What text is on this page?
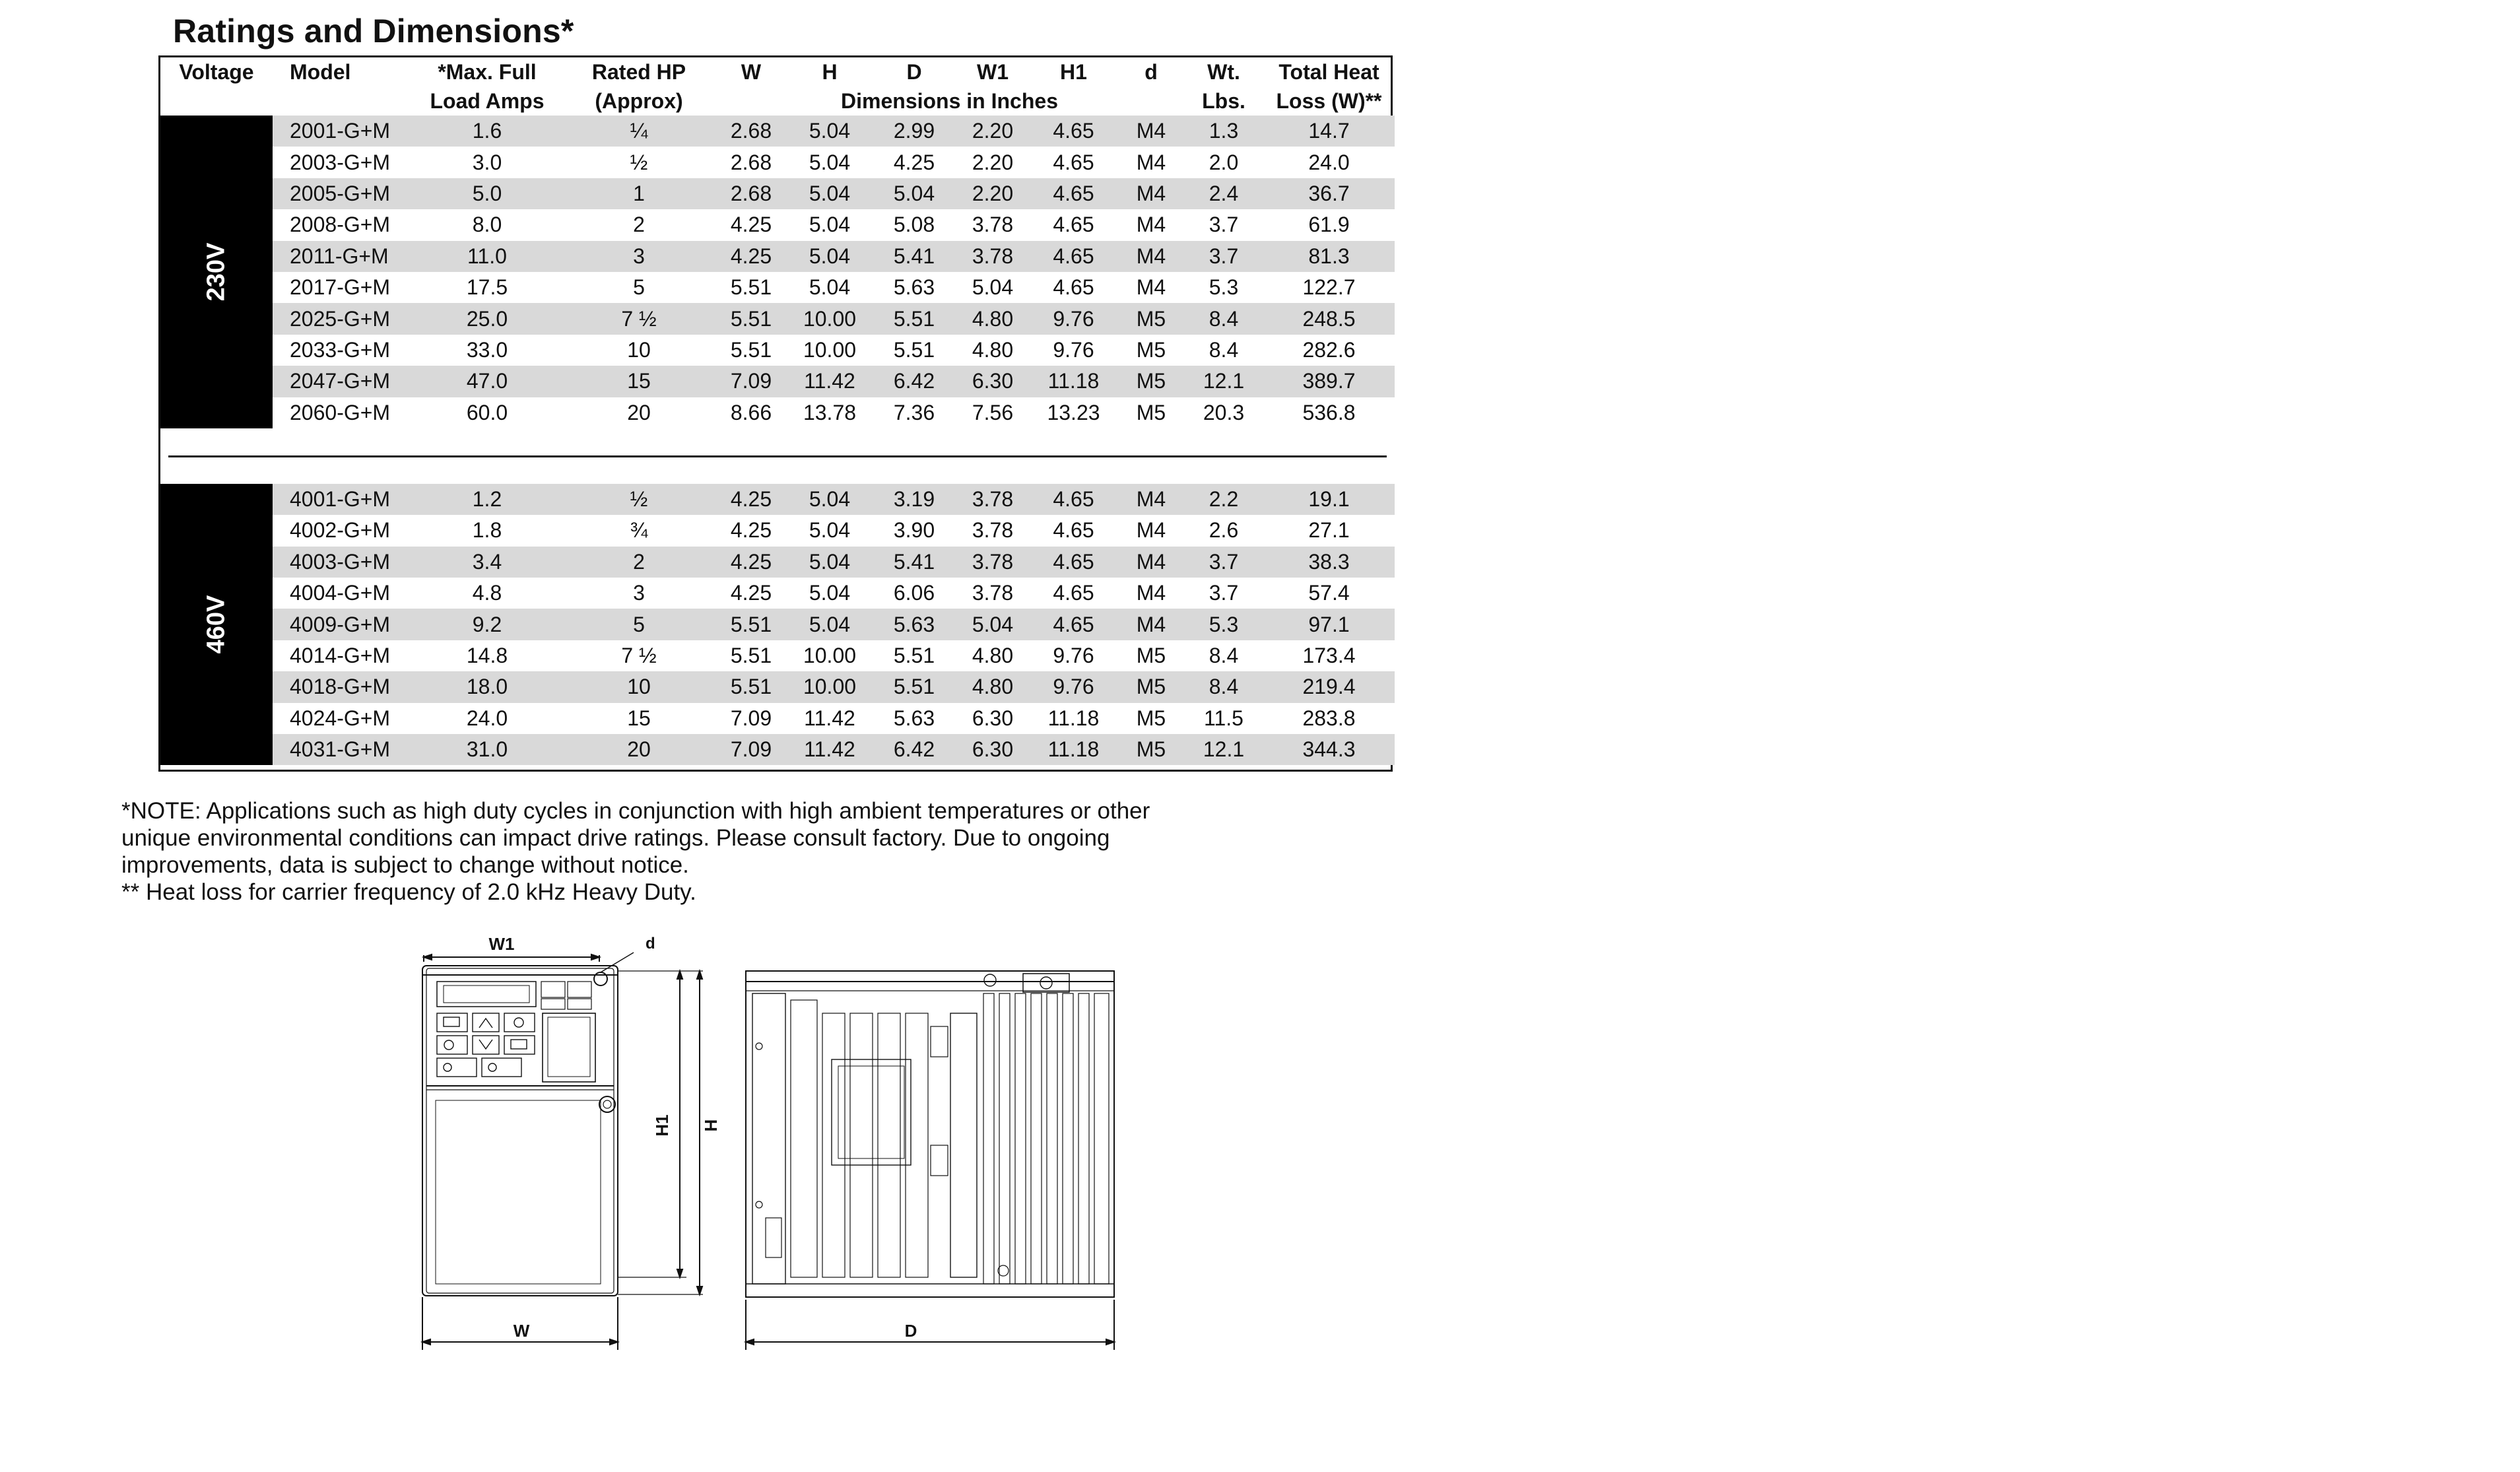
Ratings and Dimensions*
Voltage	Model	*Max. Full	Rated HP	W	H	D	W1	H1	d	Wt.	Total Heat
		Load Amps	(Approx)	Dimensions in Inches						Lbs.	Loss (W)**

230V	2001-G+M	1.6	¼	2.68	5.04	2.99	2.20	4.65	M4	1.3	14.7
	2003-G+M	3.0	½	2.68	5.04	4.25	2.20	4.65	M4	2.0	24.0
	2005-G+M	5.0	1	2.68	5.04	5.04	2.20	4.65	M4	2.4	36.7
	2008-G+M	8.0	2	4.25	5.04	5.08	3.78	4.65	M4	3.7	61.9
	2011-G+M	11.0	3	4.25	5.04	5.41	3.78	4.65	M4	3.7	81.3
	2017-G+M	17.5	5	5.51	5.04	5.63	5.04	4.65	M4	5.3	122.7
	2025-G+M	25.0	7 ½	5.51	10.00	5.51	4.80	9.76	M5	8.4	248.5
	2033-G+M	33.0	10	5.51	10.00	5.51	4.80	9.76	M5	8.4	282.6
	2047-G+M	47.0	15	7.09	11.42	6.42	6.30	11.18	M5	12.1	389.7
	2060-G+M	60.0	20	8.66	13.78	7.36	7.56	13.23	M5	20.3	536.8

460V	4001-G+M	1.2	½	4.25	5.04	3.19	3.78	4.65	M4	2.2	19.1
	4002-G+M	1.8	¾	4.25	5.04	3.90	3.78	4.65	M4	2.6	27.1
	4003-G+M	3.4	2	4.25	5.04	5.41	3.78	4.65	M4	3.7	38.3
	4004-G+M	4.8	3	4.25	5.04	6.06	3.78	4.65	M4	3.7	57.4
	4009-G+M	9.2	5	5.51	5.04	5.63	5.04	4.65	M4	5.3	97.1
	4014-G+M	14.8	7 ½	5.51	10.00	5.51	4.80	9.76	M5	8.4	173.4
	4018-G+M	18.0	10	5.51	10.00	5.51	4.80	9.76	M5	8.4	219.4
	4024-G+M	24.0	15	7.09	11.42	5.63	6.30	11.18	M5	11.5	283.8
	4031-G+M	31.0	20	7.09	11.42	6.42	6.30	11.18	M5	12.1	344.3

*NOTE: Applications such as high duty cycles in conjunction with high ambient temperatures or other

unique environmental conditions can impact drive ratings. Please consult factory. Due to ongoing

improvements, data is subject to change without notice.

** Heat loss for carrier frequency of 2.0 kHz Heavy Duty.

W1	d
H1 H
W	D
